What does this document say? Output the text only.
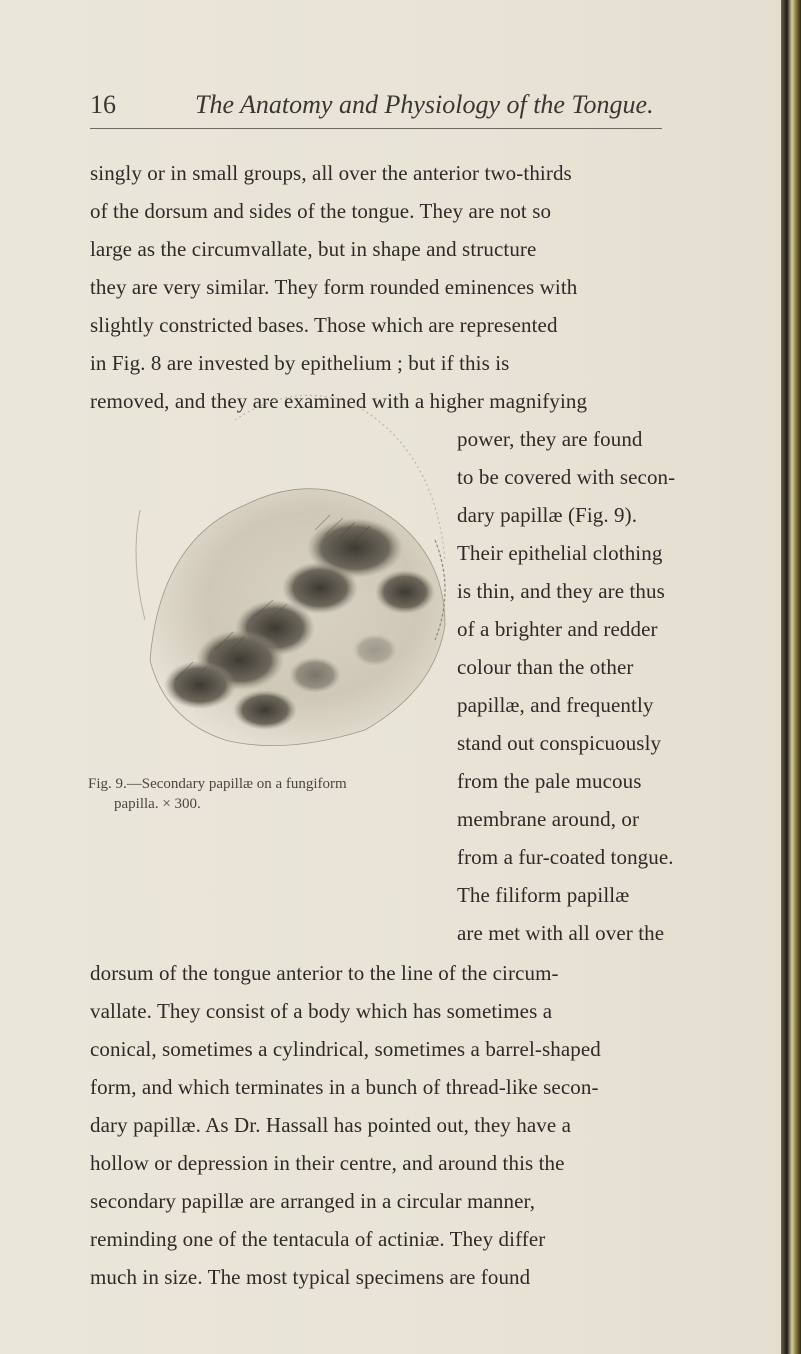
16	The Anatomy and Physiology of the Tongue.
singly or in small groups, all over the anterior two-thirds
of the dorsum and sides of the tongue. They are not so
large as the circumvallate, but in shape and structure
they are very similar. They form rounded eminences with
slightly constricted bases. Those which are represented
in Fig. 8 are invested by epithelium ; but if this is
removed, and they are examined with a higher magnifying
power, they are found
to be covered with secon-
dary papillæ (Fig. 9).
Their epithelial clothing
is thin, and they are thus
of a brighter and redder
colour than the other
papillæ, and frequently
stand out conspicuously
from the pale mucous
membrane around, or
from a fur-coated tongue.
The filiform papillæ
are met with all over the
dorsum of the tongue anterior to the line of the circum-
vallate. They consist of a body which has sometimes a
conical, sometimes a cylindrical, sometimes a barrel-shaped
form, and which terminates in a bunch of thread-like secon-
dary papillæ. As Dr. Hassall has pointed out, they have a
hollow or depression in their centre, and around this the
secondary papillæ are arranged in a circular manner,
reminding one of the tentacula of actiniæ. They differ
much in size. The most typical specimens are found
Fig. 9.—Secondary papillæ on a fungiform
papilla. × 300.
